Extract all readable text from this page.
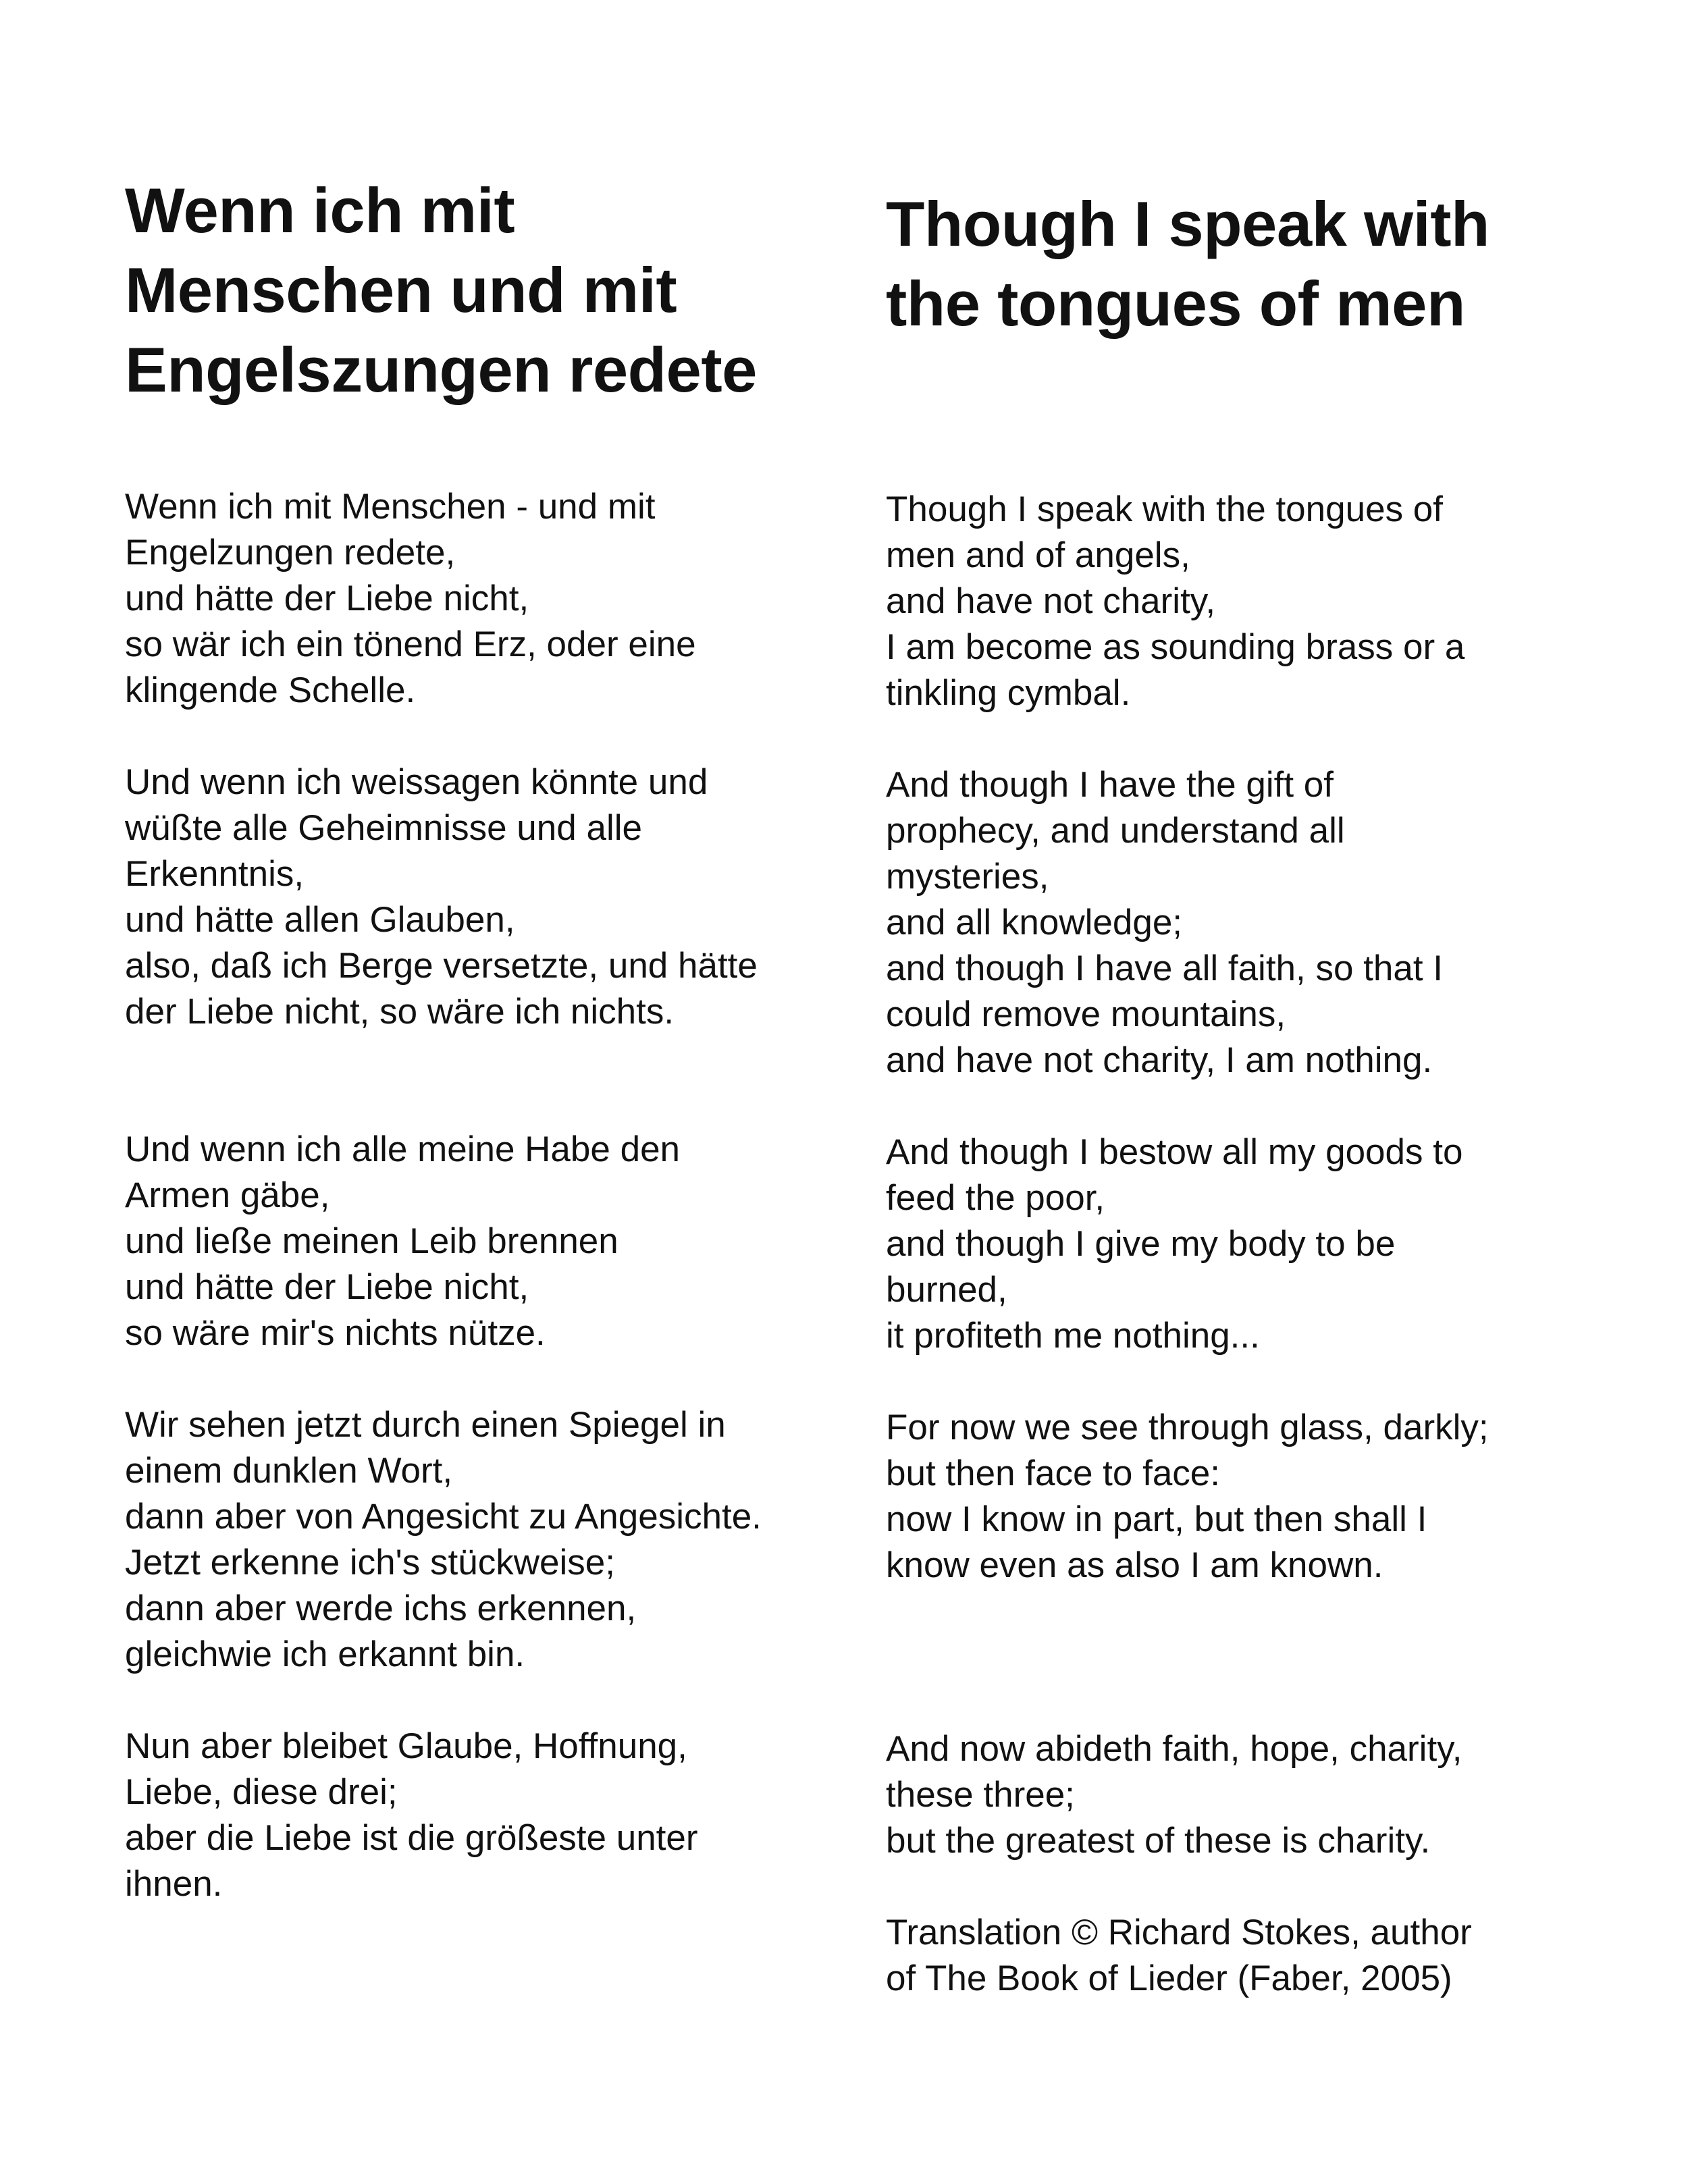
Wenn ich mit
Menschen und mit
Engelszungen redete

Wenn ich mit Menschen - und mit
Engelzungen redete,
und hätte der Liebe nicht,
so wär ich ein tönend Erz, oder eine
klingende Schelle.

Und wenn ich weissagen könnte und
wüßte alle Geheimnisse und alle
Erkenntnis,
und hätte allen Glauben,
also, daß ich Berge versetzte, und hätte
der Liebe nicht, so wäre ich nichts.

Und wenn ich alle meine Habe den
Armen gäbe,
und ließe meinen Leib brennen
und hätte der Liebe nicht,
so wäre mir's nichts nütze.

Wir sehen jetzt durch einen Spiegel in
einem dunklen Wort,
dann aber von Angesicht zu Angesichte.
Jetzt erkenne ich's stückweise;
dann aber werde ichs erkennen,
gleichwie ich erkannt bin.

Nun aber bleibet Glaube, Hoffnung,
Liebe, diese drei;
aber die Liebe ist die größeste unter
ihnen.

Though I speak with
the tongues of men

Though I speak with the tongues of
men and of angels,
and have not charity,
I am become as sounding brass or a
tinkling cymbal.

And though I have the gift of
prophecy, and understand all
mysteries,
and all knowledge;
and though I have all faith, so that I
could remove mountains,
and have not charity, I am nothing.

And though I bestow all my goods to
feed the poor,
and though I give my body to be
burned,
it profiteth me nothing...

For now we see through glass, darkly;
but then face to face:
now I know in part, but then shall I
know even as also I am known.

And now abideth faith, hope, charity,
these three;
but the greatest of these is charity.

Translation © Richard Stokes, author
of The Book of Lieder (Faber, 2005)
